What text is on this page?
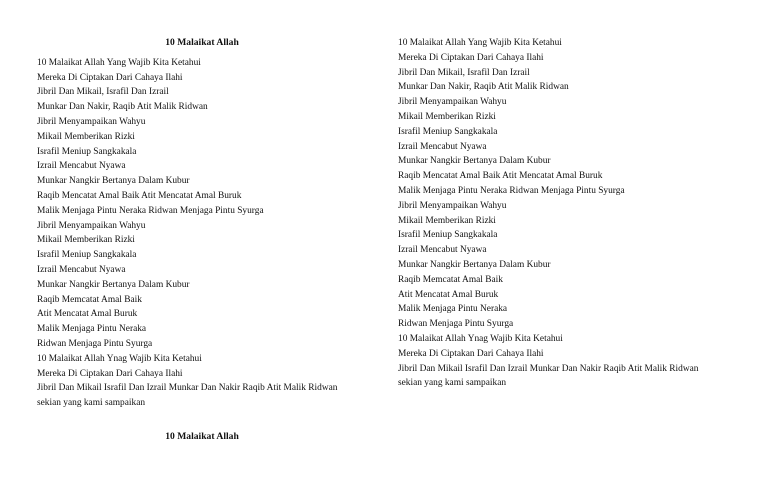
10 Malaikat Allah

10 Malaikat Allah Yang Wajib Kita Ketahui

Mereka Di Ciptakan Dari Cahaya Ilahi

Jibril Dan Mikail, Israfil Dan Izrail

Munkar Dan Nakir, Raqib Atit Malik Ridwan

Jibril Menyampaikan Wahyu

Mikail Memberikan Rizki

Israfil Meniup Sangkakala

Izrail Mencabut Nyawa

Munkar Nangkir Bertanya Dalam Kubur

Raqib Mencatat Amal Baik Atit Mencatat Amal Buruk

Malik Menjaga Pintu Neraka Ridwan Menjaga Pintu Syurga

Jibril Menyampaikan Wahyu

Mikail Memberikan Rizki

Israfil Meniup Sangkakala

Izrail Mencabut Nyawa

Munkar Nangkir Bertanya Dalam Kubur

Raqib Memcatat Amal Baik

Atit Mencatat Amal Buruk

Malik Menjaga Pintu Neraka

Ridwan Menjaga Pintu Syurga

10 Malaikat Allah Ynag Wajib Kita Ketahui

Mereka Di Ciptakan Dari Cahaya Ilahi

Jibril Dan Mikail Israfil Dan Izrail Munkar Dan Nakir Raqib Atit Malik Ridwan

sekian yang kami sampaikan

10 Malaikat Allah

10 Malaikat Allah Yang Wajib Kita Ketahui

Mereka Di Ciptakan Dari Cahaya Ilahi

Jibril Dan Mikail, Israfil Dan Izrail

Munkar Dan Nakir, Raqib Atit Malik Ridwan

Jibril Menyampaikan Wahyu

Mikail Memberikan Rizki

Israfil Meniup Sangkakala

Izrail Mencabut Nyawa

Munkar Nangkir Bertanya Dalam Kubur

Raqib Mencatat Amal Baik Atit Mencatat Amal Buruk

Malik Menjaga Pintu Neraka Ridwan Menjaga Pintu Syurga

Jibril Menyampaikan Wahyu

Mikail Memberikan Rizki

Israfil Meniup Sangkakala

Izrail Mencabut Nyawa

Munkar Nangkir Bertanya Dalam Kubur

Raqib Memcatat Amal Baik

Atit Mencatat Amal Buruk

Malik Menjaga Pintu Neraka

Ridwan Menjaga Pintu Syurga

10 Malaikat Allah Ynag Wajib Kita Ketahui

Mereka Di Ciptakan Dari Cahaya Ilahi

Jibril Dan Mikail Israfil Dan Izrail Munkar Dan Nakir Raqib Atit Malik Ridwan

sekian yang kami sampaikan
